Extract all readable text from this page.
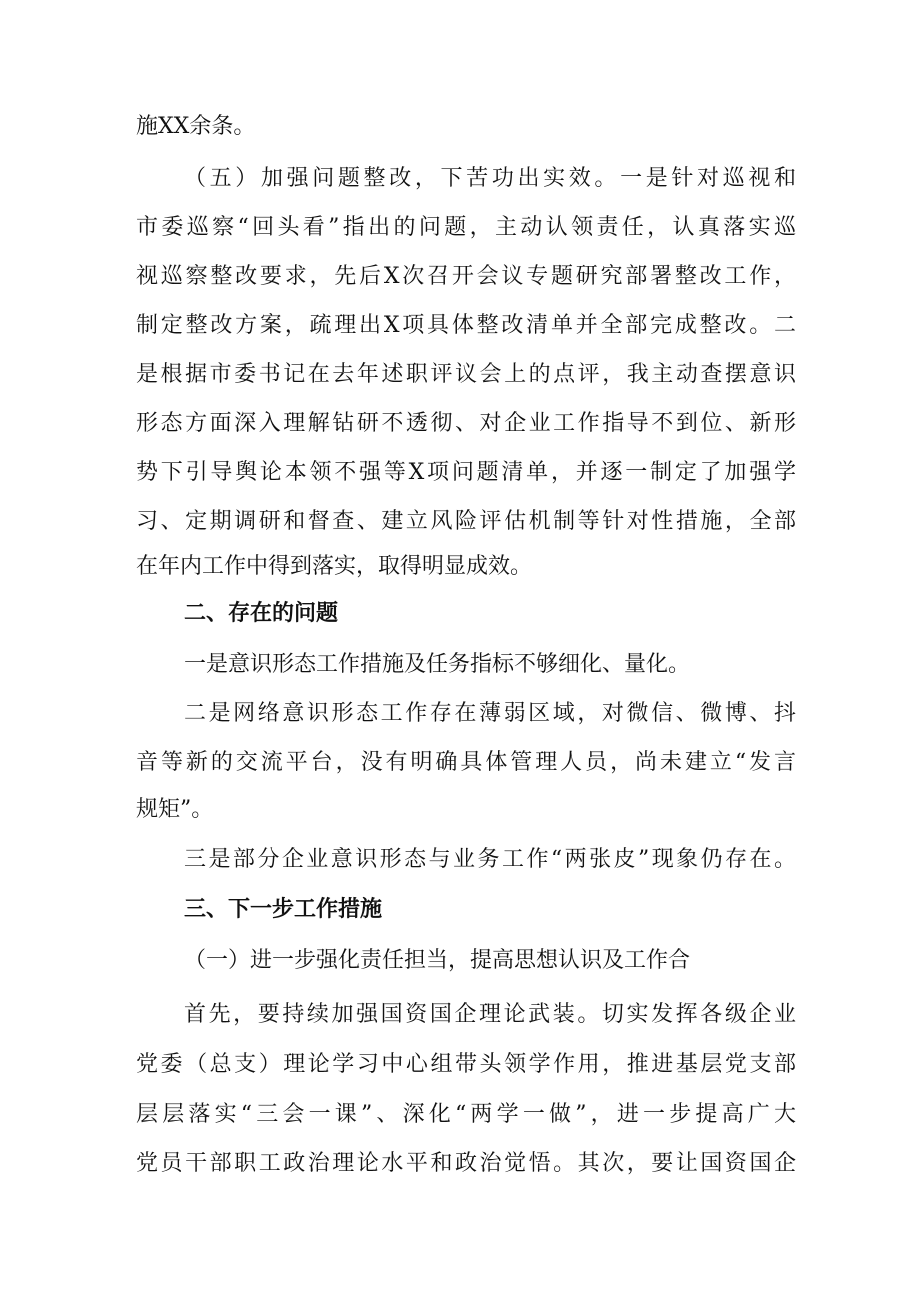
施XX余条。
（五）加强问题整改，下苦功出实效。一是针对巡视和
市委巡察“回头看”指出的问题，主动认领责任，认真落实巡
视巡察整改要求，先后X次召开会议专题研究部署整改工作，
制定整改方案，疏理出X项具体整改清单并全部完成整改。二
是根据市委书记在去年述职评议会上的点评，我主动查摆意识
形态方面深入理解钻研不透彻、对企业工作指导不到位、新形
势下引导舆论本领不强等X项问题清单，并逐一制定了加强学
习、定期调研和督查、建立风险评估机制等针对性措施，全部
在年内工作中得到落实，取得明显成效。
二、存在的问题
一是意识形态工作措施及任务指标不够细化、量化。
二是网络意识形态工作存在薄弱区域，对微信、微博、抖
音等新的交流平台，没有明确具体管理人员，尚未建立“发言
规矩”。
三是部分企业意识形态与业务工作“两张皮”现象仍存在。
三、下一步工作措施
（一）进一步强化责任担当，提高思想认识及工作合
首先，要持续加强国资国企理论武装。切实发挥各级企业
党委（总支）理论学习中心组带头领学作用，推进基层党支部
层层落实“三会一课”、深化“两学一做”，进一步提高广大
党员干部职工政治理论水平和政治觉悟。其次，要让国资国企
